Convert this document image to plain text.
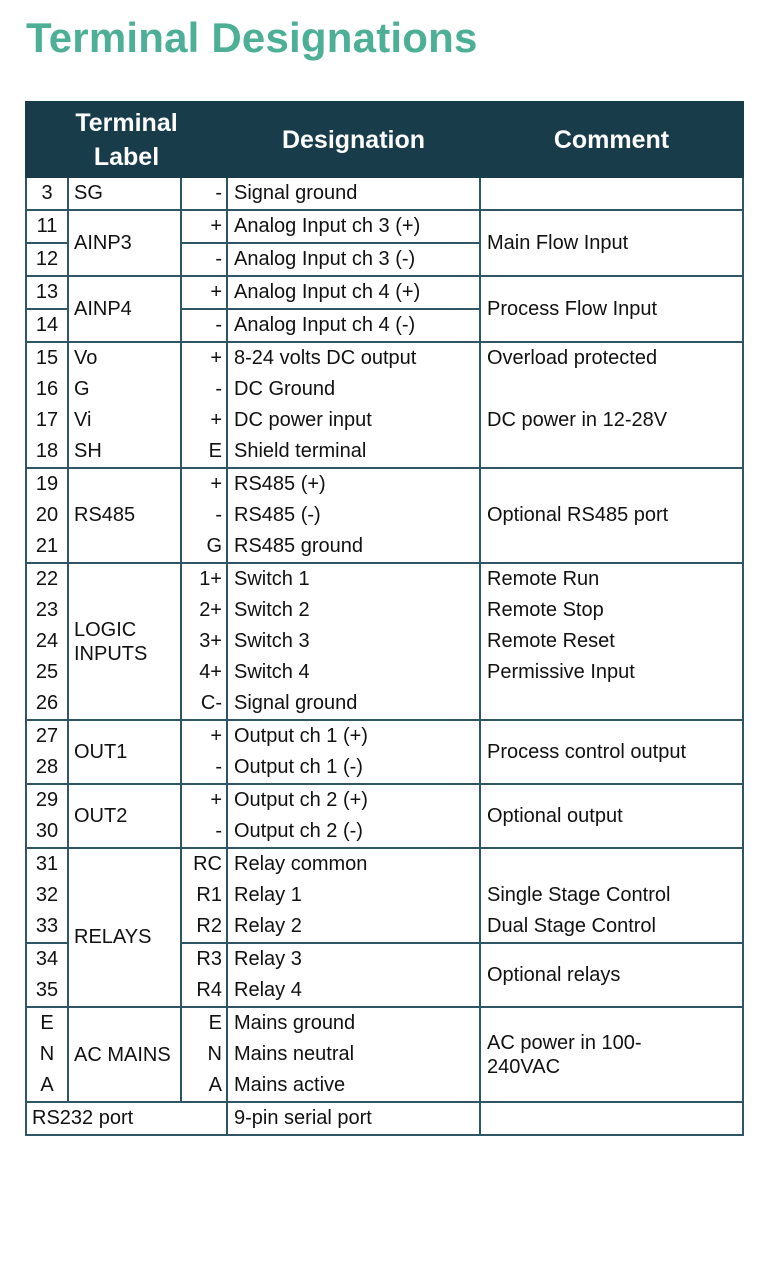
Terminal Designations
Terminal Label			Designation	Comment
3	SG	-	Signal ground	
11	AINP3	+	Analog Input ch 3 (+)	Main Flow Input
12		-	Analog Input ch 3 (-)	
13	AINP4	+	Analog Input ch 4 (+)	Process Flow Input
14		-	Analog Input ch 4 (-)	
15	Vo	+	8-24 volts DC output	Overload protected
16	G	-	DC Ground	
17	Vi	+	DC power input	DC power in 12-28V
18	SH	E	Shield terminal	
19	RS485	+	RS485 (+)	Optional RS485 port
20		-	RS485 (-)	
21		G	RS485 ground	
22	LOGIC INPUTS	1+	Switch 1	Remote Run
23		2+	Switch 2	Remote Stop
24		3+	Switch 3	Remote Reset
25		4+	Switch 4	Permissive Input
26		C-	Signal ground	
27	OUT1	+	Output ch 1 (+)	Process control output
28		-	Output ch 1 (-)	
29	OUT2	+	Output ch 2 (+)	Optional output
30		-	Output ch 2 (-)	
31	RELAYS	RC	Relay common	
32		R1	Relay 1	Single Stage Control
33		R2	Relay 2	Dual Stage Control
34		R3	Relay 3	Optional relays
35		R4	Relay 4	
E	AC MAINS	E	Mains ground	AC power in 100-240VAC
N		N	Mains neutral	
A		A	Mains active	
RS232 port			9-pin serial port	
